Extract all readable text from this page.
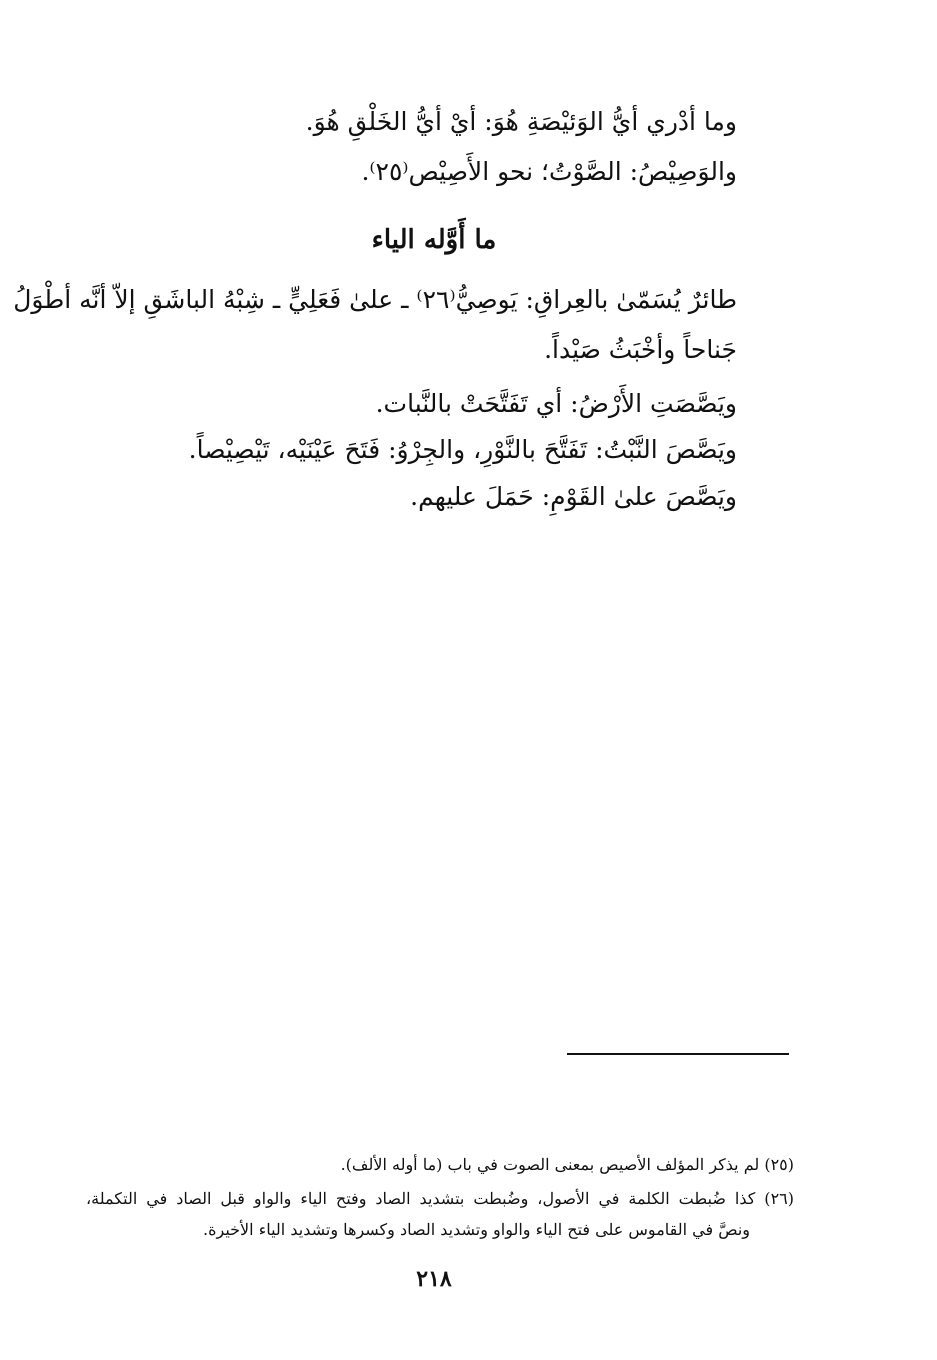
وما أدْري أيُّ الوَئيْصَةِ هُوَ: أيْ أيُّ الخَلْقِ هُوَ.
والوَصِيْصُ: الصَّوْتُ؛ نحو الأَصِيْص⁽٢٥⁾.
ما أَوَّله الياء
طائرٌ يُسَمّىٰ بالعِراقِ: يَوصِيُّ⁽٢٦⁾ ـ علىٰ فَعَلِيٍّ ـ شِبْهُ الباشَقِ إلاّ أنَّه أطْوَلُ
جَناحاً وأخْبَثُ صَيْداً.
ويَصَّصَتِ الأَرْضُ: أي تَفَتَّحَتْ بالنَّبات.
ويَصَّصَ النَّبْتُ: تَفَتَّحَ بالنَّوْرِ، والجِرْوُ: فَتَحَ عَيْنَيْه، تَيْصِيْصاً.
ويَصَّصَ علىٰ القَوْمِ: حَمَلَ عليهم.
(٢٥) لم يذكر المؤلف الأصيص بمعنى الصوت في باب (ما أوله الألف).
(٢٦) كذا ضُبطت الكلمة في الأصول، وضُبطت بتشديد الصاد وفتح الياء والواو قبل الصاد في التكملة،
ونصَّ في القاموس على فتح الياء والواو وتشديد الصاد وكسرها وتشديد الياء الأخيرة.
٢١٨
